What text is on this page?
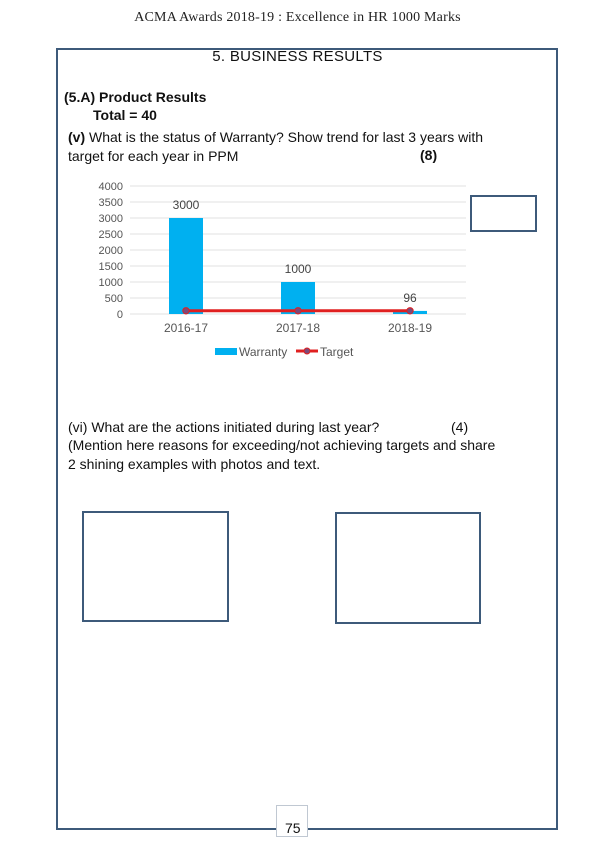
ACMA Awards 2018-19 : Excellence in HR 1000 Marks
5. BUSINESS RESULTS
(5.A) Product Results
Total = 40
(v) What is the status of Warranty? Show trend for last 3 years with
target for each year in PPM	(8)
0
500
1000
1500
2000
2500
3000
3500
4000
3000
1000
96
2016-17	2017-18	2018-19
Warranty	Target
(vi) What are the actions initiated during last year?	(4)
(Mention here reasons for exceeding/not achieving targets and share
2 shining examples with photos and text.
75
